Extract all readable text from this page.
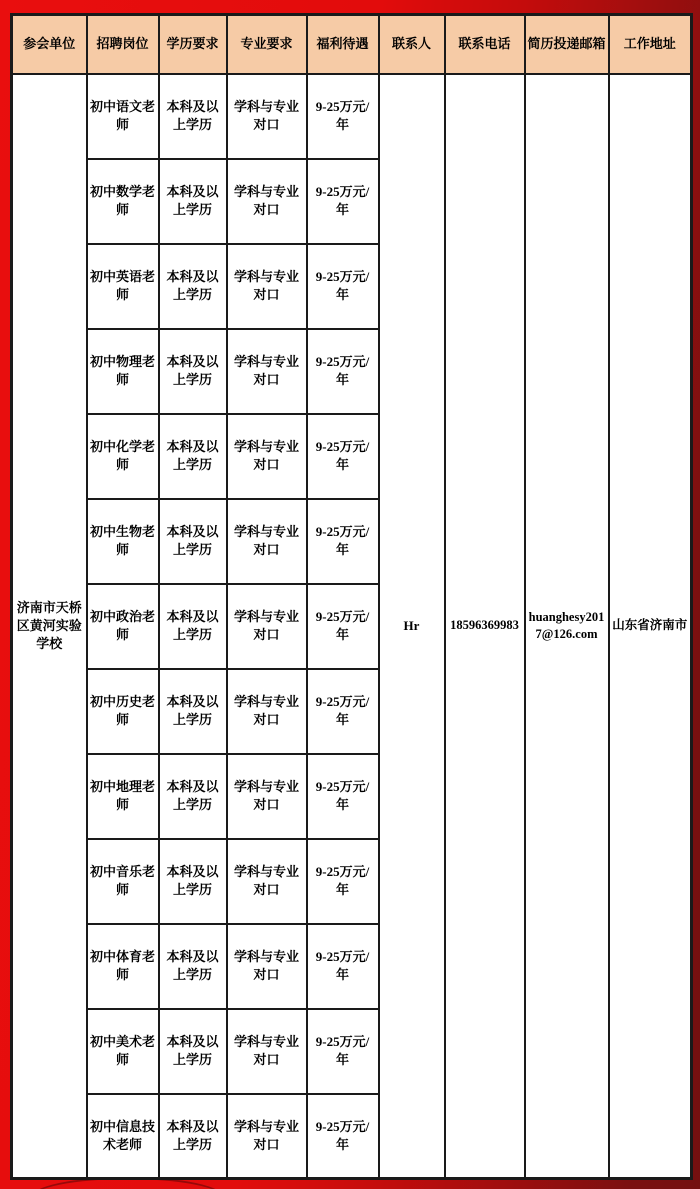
参会单位	招聘岗位	学历要求	专业要求	福利待遇	联系人	联系电话	简历投递邮箱	工作地址
济南市天桥区黄河实验学校	初中语文老师	本科及以上学历	学科与专业对口	9-25万元/年	Hr	18596369983	huanghesy2017@126.com	山东省济南市
	初中数学老师	本科及以上学历	学科与专业对口	9-25万元/年				
	初中英语老师	本科及以上学历	学科与专业对口	9-25万元/年				
	初中物理老师	本科及以上学历	学科与专业对口	9-25万元/年				
	初中化学老师	本科及以上学历	学科与专业对口	9-25万元/年				
	初中生物老师	本科及以上学历	学科与专业对口	9-25万元/年				
	初中政治老师	本科及以上学历	学科与专业对口	9-25万元/年				
	初中历史老师	本科及以上学历	学科与专业对口	9-25万元/年				
	初中地理老师	本科及以上学历	学科与专业对口	9-25万元/年				
	初中音乐老师	本科及以上学历	学科与专业对口	9-25万元/年				
	初中体育老师	本科及以上学历	学科与专业对口	9-25万元/年				
	初中美术老师	本科及以上学历	学科与专业对口	9-25万元/年				
	初中信息技术老师	本科及以上学历	学科与专业对口	9-25万元/年				
